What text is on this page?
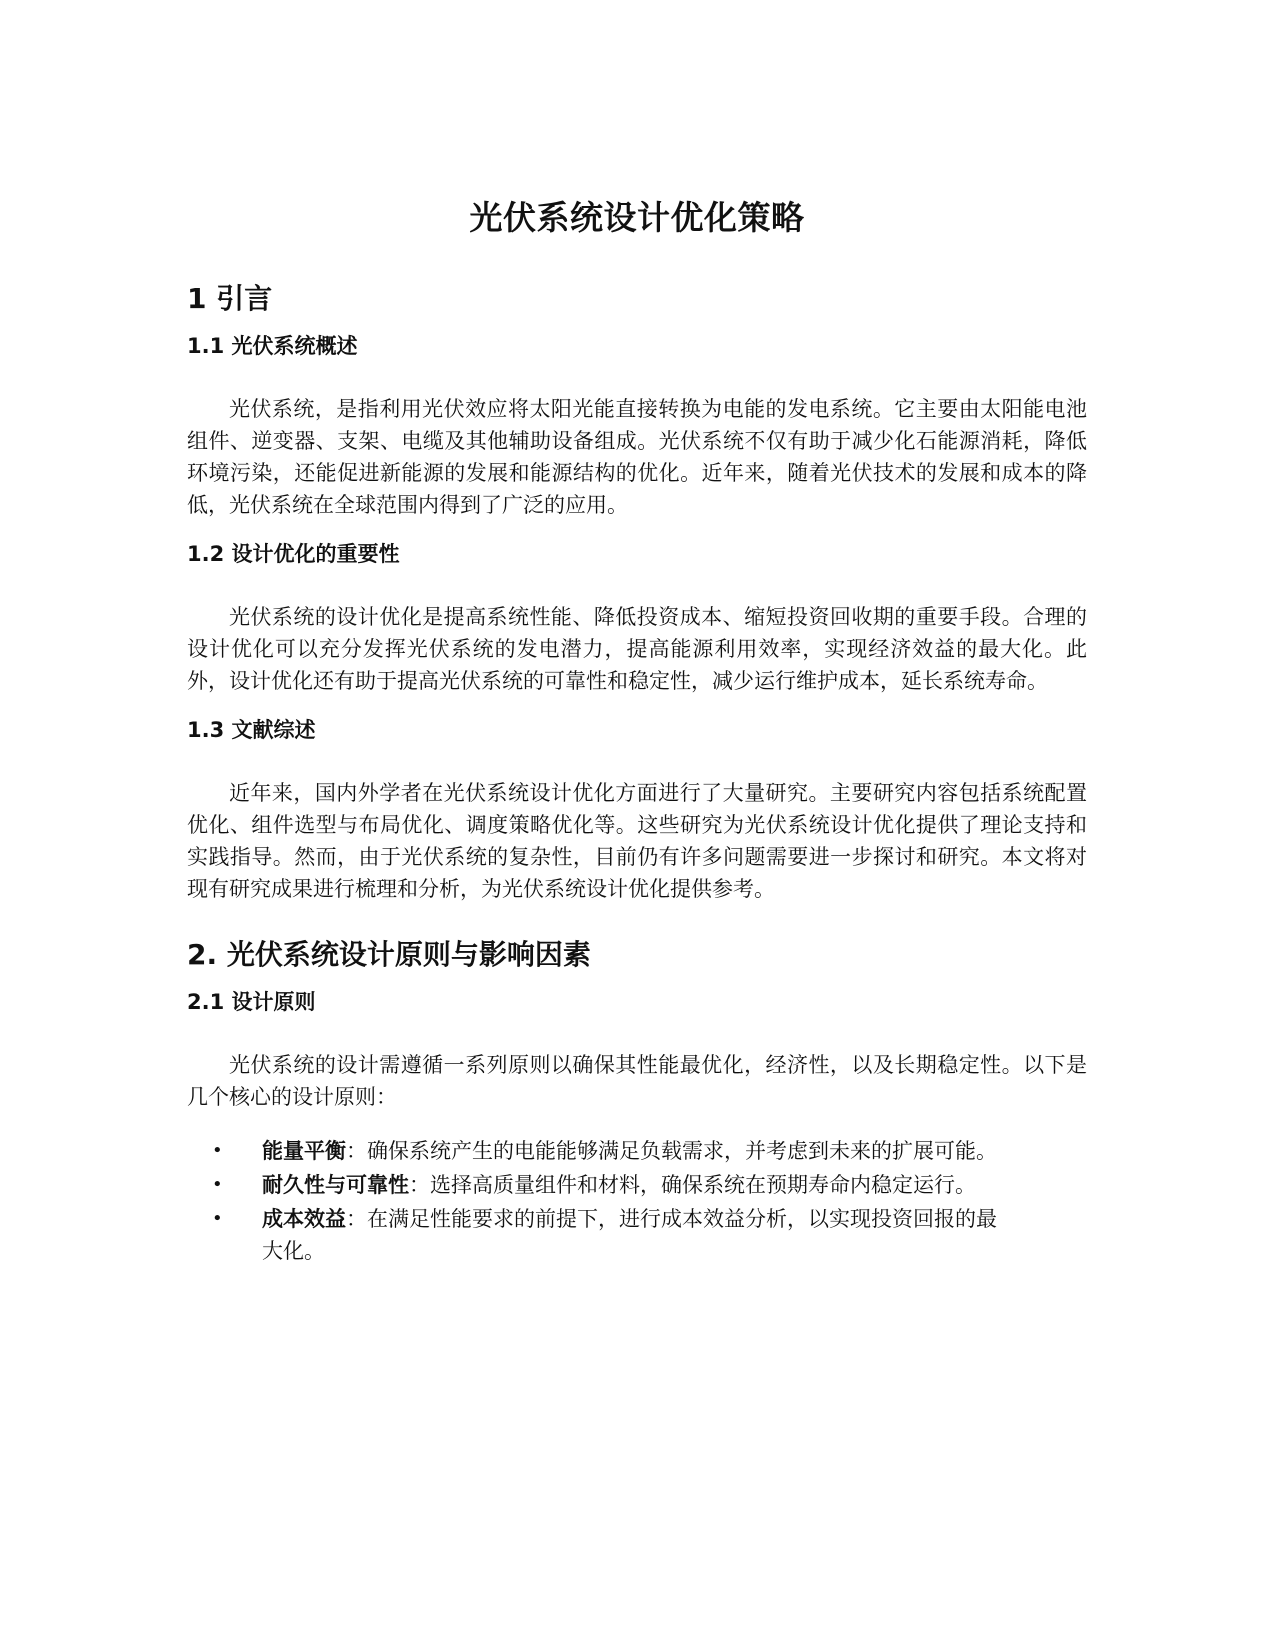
光伏系统设计优化策略
1 引言
1.1 光伏系统概述

光伏系统，是指利用光伏效应将太阳光能直接转换为电能的发电系统。它主要由太阳能电池组件、逆变器、支架、电缆及其他辅助设备组成。光伏系统不仅有助于减少化石能源消耗，降低环境污染，还能促进新能源的发展和能源结构的优化。近年来，随着光伏技术的发展和成本的降低，光伏系统在全球范围内得到了广泛的应用。

1.2 设计优化的重要性

光伏系统的设计优化是提高系统性能、降低投资成本、缩短投资回收期的重要手段。合理的设计优化可以充分发挥光伏系统的发电潜力，提高能源利用效率，实现经济效益的最大化。此外，设计优化还有助于提高光伏系统的可靠性和稳定性，减少运行维护成本，延长系统寿命。

1.3 文献综述

近年来，国内外学者在光伏系统设计优化方面进行了大量研究。主要研究内容包括系统配置优化、组件选型与布局优化、调度策略优化等。这些研究为光伏系统设计优化提供了理论支持和实践指导。然而，由于光伏系统的复杂性，目前仍有许多问题需要进一步探讨和研究。本文将对现有研究成果进行梳理和分析，为光伏系统设计优化提供参考。

2. 光伏系统设计原则与影响因素
2.1 设计原则

光伏系统的设计需遵循一系列原则以确保其性能最优化，经济性，以及长期稳定性。以下是几个核心的设计原则：

• 能量平衡：确保系统产生的电能能够满足负载需求，并考虑到未来的扩展可能。
• 耐久性与可靠性：选择高质量组件和材料，确保系统在预期寿命内稳定运行。
• 成本效益：在满足性能要求的前提下，进行成本效益分析，以实现投资回报的最大化。
